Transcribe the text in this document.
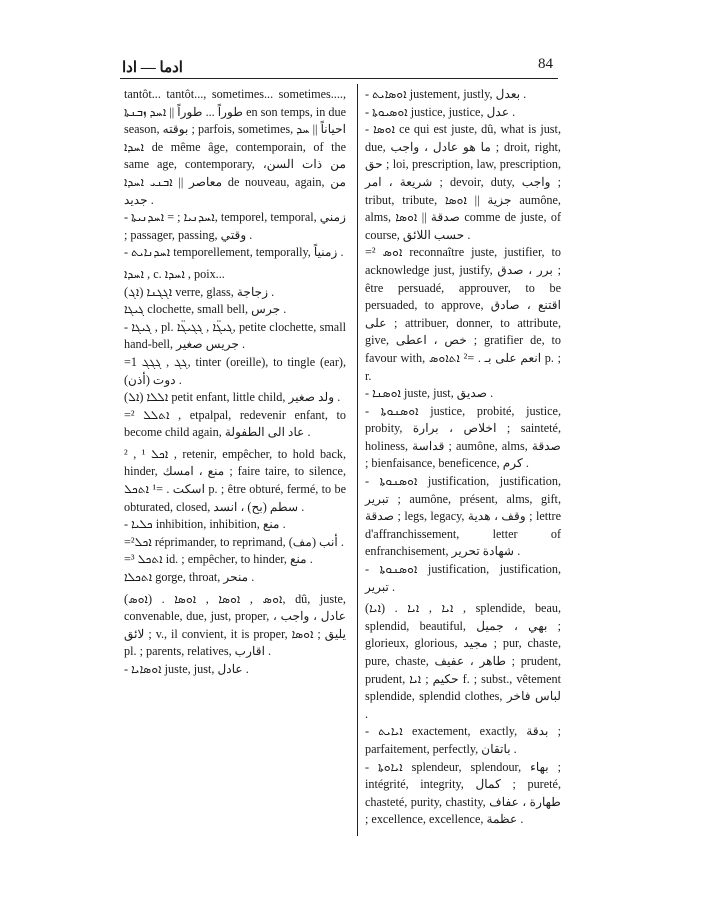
ادما — ادا	84

tantôt... tantôt..., sometimes... sometimes...., طوراً ... طوراً || ܐܚܕ ܙܒܢܬܐ en son temps, in due season, بوقته ; parfois, sometimes, احياناً || ܚܕ ܐܚܕܐ de même âge, contemporain, of the same age, contemporary, من ذات السن، معاصر || ܐܒܢܝ ܐܚܕܐ de nouveau, again, من جديد .

- ܐܚܕܢܝܐ ; = ܐܚܕܢܝܬܐ, temporel, temporal, زمني ; passager, passing, وقتي .

- ܐܚܕܢܐܝܬ temporellement, temporally, زمنياً .

ܐܚܕܐ , c. ܐܚܕܐ , poix...

(ܐܓ) ܐܓܓܢܐ verre, glass, زجاجة .

ܓܝܓܐ clochette, small bell, جرس .

- ܓܝܓܐ , pl. ܓܝܓ̈ܐ , ܓܓܝܓ̈ܐ, petite clochette, small hand-bell, جريس صغير .

=1 ܓܓ , ܓܓܓ, tinter (oreille), to tingle (ear), دوت (أذن) .

(ܐܠ) ܐܠܠܐ petit enfant, little child, ولد صغير .

=² ܐܬܠܠ , etpalpal, redevenir enfant, to become child again, عاد الى الطفولة .

ܐܟܠ ¹ , ² , retenir, empêcher, to hold back, hinder, منع ، امسك ; faire taire, to silence, اسكت . =¹ ܐܬܟܠ p. ; être obturé, fermé, to be obturated, closed, سطم (بح) ، انسد .

- ܟܠܝܐ inhibition, inhibition, منع .

=²ܐܟܠ réprimander, to reprimand, أنب (مف) .

=³ ܐܬܟܠ id. ; empêcher, to hinder, منع .

ܐܬܟܠܐ gorge, throat, منحر .

(ܐܘܣ) . ܐܘܣ , ܐܘܣܐ , ܐܘܣܐ, dû, juste, convenable, due, just, proper, عادل ، واجب ، لائق ; v., il convient, it is proper, يليق ; ܐܘܣܐ pl. ; parents, relatives, اقارب .

- ܐܘܣܐܝܐ juste, just, عادل .

- ܐܘܣܐܝܬ justement, justly, بعدل .

- ܐܘܣܝܘܬܐ justice, justice, عدل .

- ܐܘܣܐ ce qui est juste, dû, what is just, due, ما هو عادل ، واجب ; droit, right, حق ; loi, prescription, law, prescription, شريعة ، امر ; devoir, duty, واجب ; tribut, tribute, جزية || ܐܘܣܐ aumône, alms, صدقة || ܐܘܣܐ comme de juste, of course, حسب اللائق .

=² ܐܘܣ reconnaître juste, justifier, to acknowledge just, justify, برر ، صدق ; être persuadé, approuver, to be persuaded, to approve, اقتنع ، صادق على ; attribuer, donner, to attribute, give, خص ، اعطى ; gratifier de, to favour with, انعم على بـ . =² ܐܬܐܘܣ p. ; r.

- ܐܘܣܢܐ juste, just, صديق .

- ܐܘܣܢܘܬܐ justice, probité, justice, probity, اخلاص ، برارة ; sainteté, holiness, قداسة ; aumône, alms, صدقة ; bienfaisance, beneficence, كرم .

- ܐܘܣܢܘܬܐ justification, justification, تبرير ; aumône, présent, alms, gift, صدقة ; legs, legacy, وقف ، هدية ; lettre d'affranchissement, letter of enfranchisement, شهادة تحرير .

- ܐܘܣܢܘܬܐ justification, justification, تبرير .

(ܐܝܐ) . ܐܝܐ , ܐܝܐ , splendide, beau, splendid, beautiful, بهي ، جميل ; glorieux, glorious, مجيد ; pur, chaste, pure, chaste, طاهر ، عفيف ; prudent, prudent, حكيم ; ܐܝܐ f. ; subst., vêtement splendide, splendid clothes, لباس فاخر .

- ܐܝܐܝܬ exactement, exactly, بدقة ; parfaitement, perfectly, باتقان .

- ܐܝܐܘܬܐ splendeur, splendour, بهاء ; intégrité, integrity, كمال ; pureté, chasteté, purity, chastity, طهارة ، عفاف ; excellence, excellence, عظمة .
